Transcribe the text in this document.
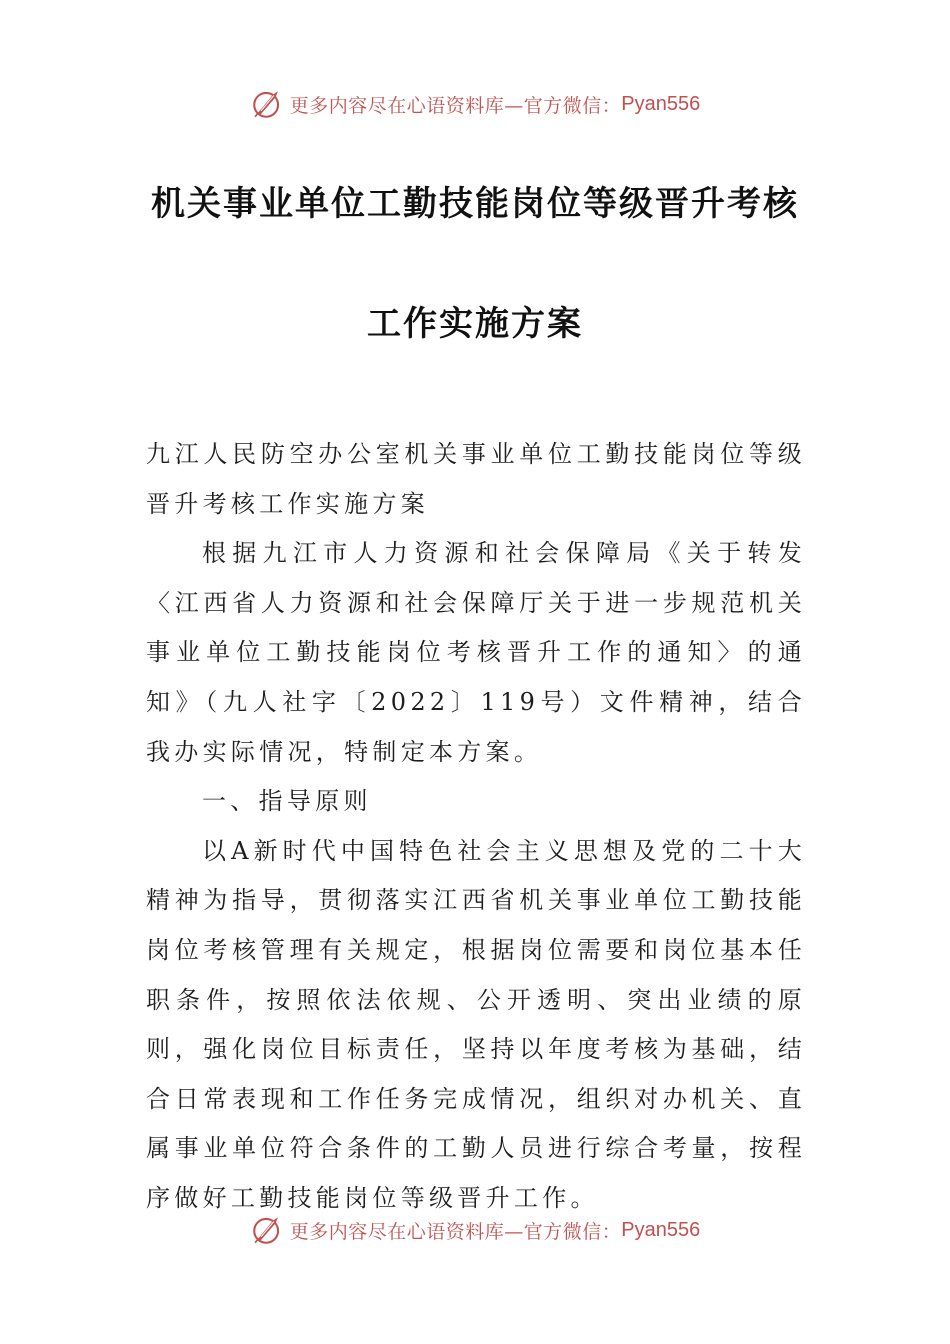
更多内容尽在心语资料库—官方微信： Pyan556
机关事业单位工勤技能岗位等级晋升考核
工作实施方案

九江人民防空办公室机关事业单位工勤技能岗位等级晋升考核工作实施方案

根据九江市人力资源和社会保障局《关于转发〈江西省人力资源和社会保障厅关于进一步规范机关事业单位工勤技能岗位考核晋升工作的通知〉的通知》（九人社字〔2022〕119号）文件精神，结合我办实际情况，特制定本方案。

一、指导原则

以A新时代中国特色社会主义思想及党的二十大精神为指导，贯彻落实江西省机关事业单位工勤技能岗位考核管理有关规定，根据岗位需要和岗位基本任职条件，按照依法依规、公开透明、突出业绩的原则，强化岗位目标责任，坚持以年度考核为基础，结合日常表现和工作任务完成情况，组织对办机关、直属事业单位符合条件的工勤人员进行综合考量，按程序做好工勤技能岗位等级晋升工作。

更多内容尽在心语资料库—官方微信： Pyan556
